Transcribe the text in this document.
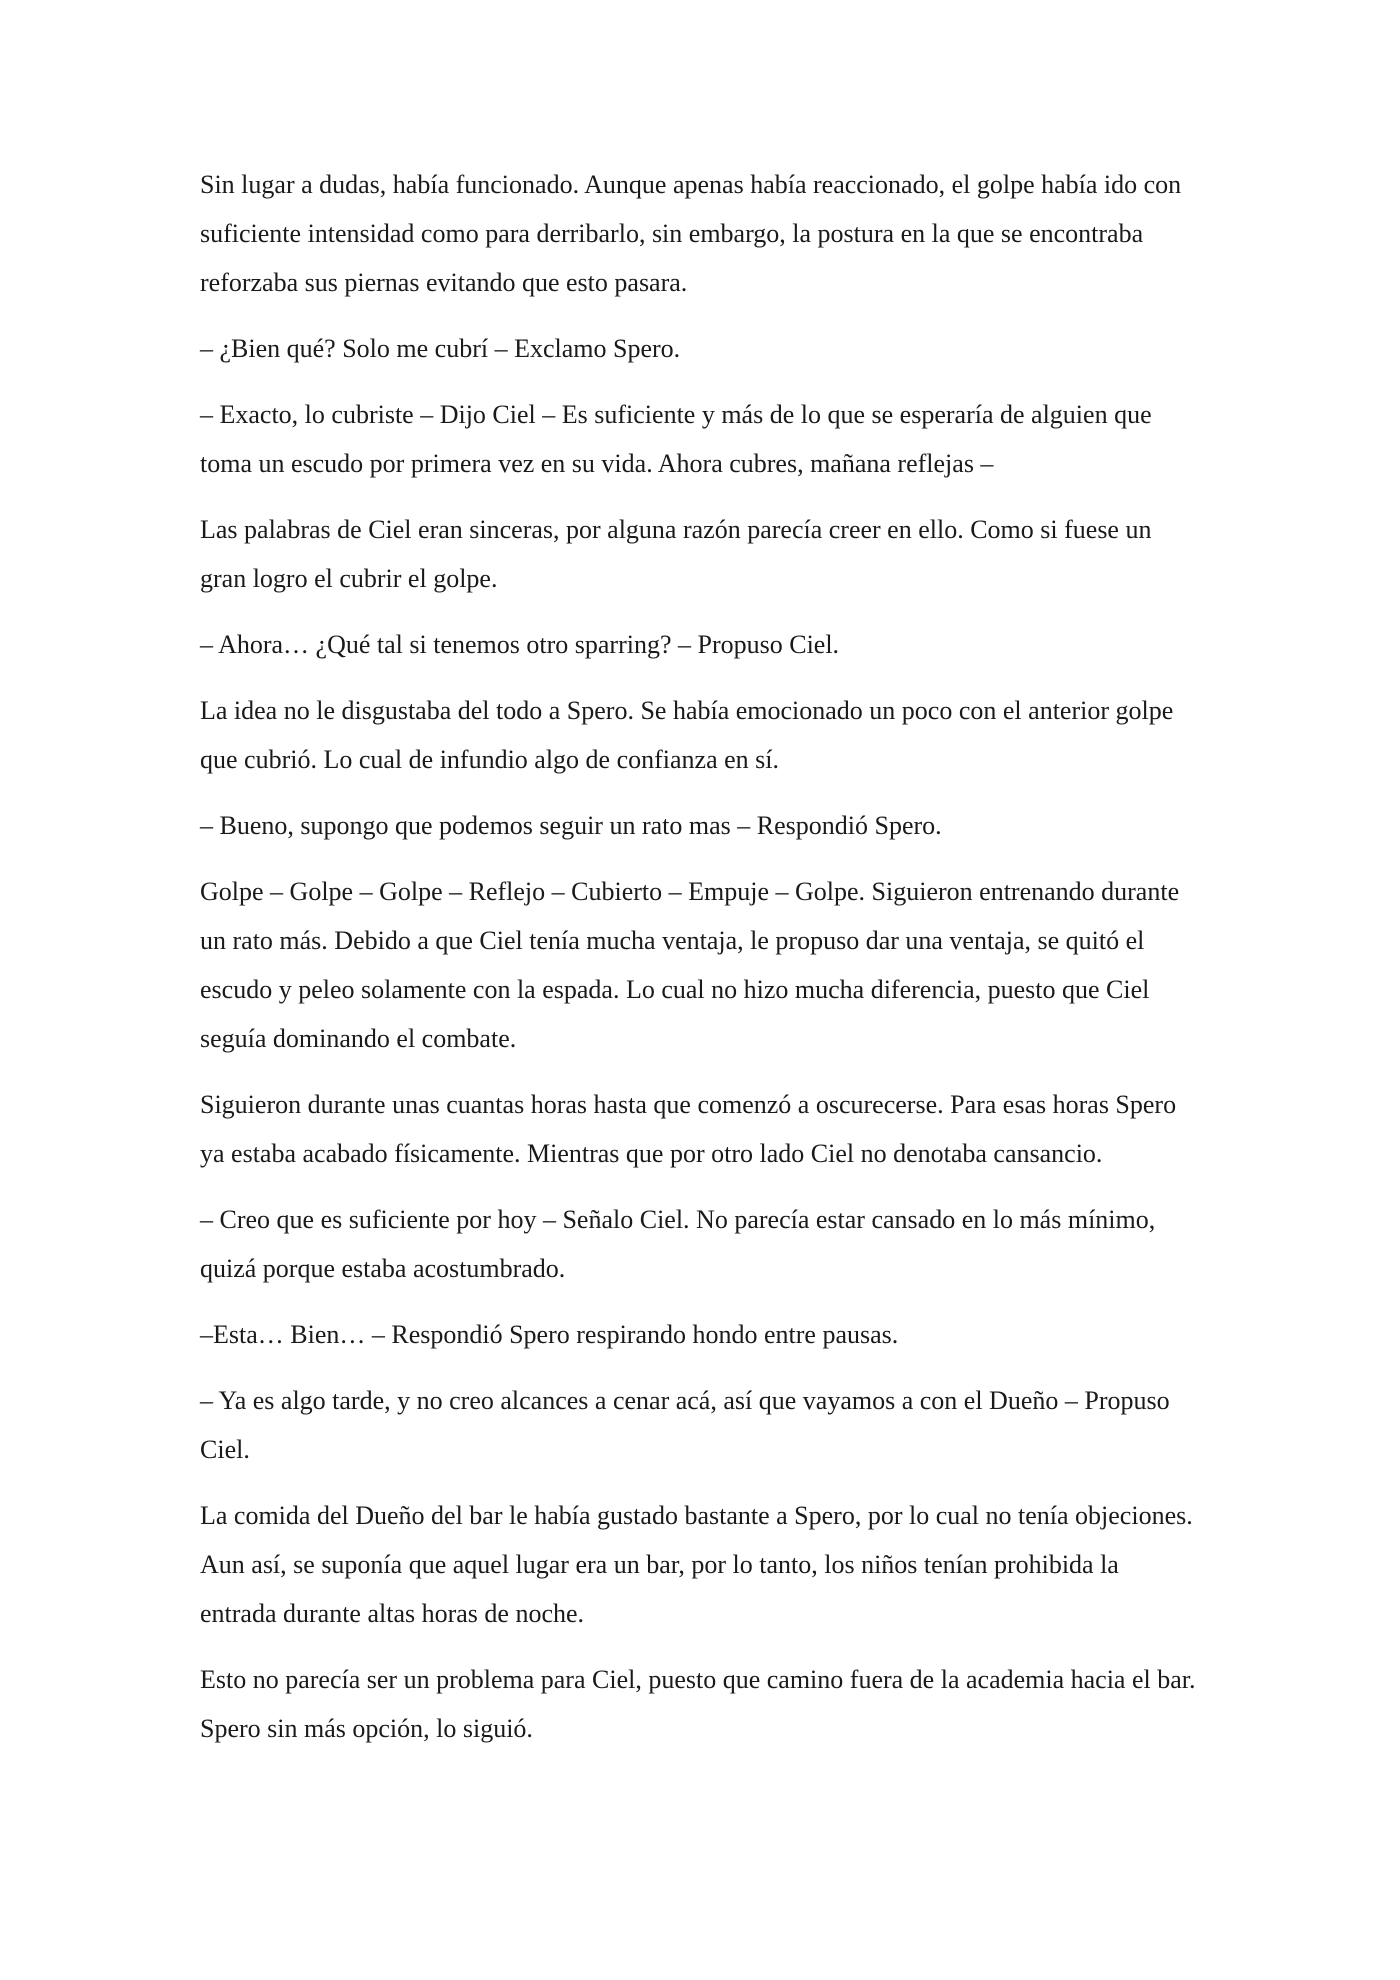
Sin lugar a dudas, había funcionado. Aunque apenas había reaccionado, el golpe había ido con suficiente intensidad como para derribarlo, sin embargo, la postura en la que se encontraba reforzaba sus piernas evitando que esto pasara.

– ¿Bien qué? Solo me cubrí – Exclamo Spero.

– Exacto, lo cubriste – Dijo Ciel – Es suficiente y más de lo que se esperaría de alguien que toma un escudo por primera vez en su vida. Ahora cubres, mañana reflejas –

Las palabras de Ciel eran sinceras, por alguna razón parecía creer en ello. Como si fuese un gran logro el cubrir el golpe.

– Ahora… ¿Qué tal si tenemos otro sparring? – Propuso Ciel.

La idea no le disgustaba del todo a Spero. Se había emocionado un poco con el anterior golpe que cubrió. Lo cual de infundio algo de confianza en sí.

– Bueno, supongo que podemos seguir un rato mas – Respondió Spero.

Golpe – Golpe – Golpe – Reflejo – Cubierto – Empuje – Golpe. Siguieron entrenando durante un rato más. Debido a que Ciel tenía mucha ventaja, le propuso dar una ventaja, se quitó el escudo y peleo solamente con la espada. Lo cual no hizo mucha diferencia, puesto que Ciel seguía dominando el combate.

Siguieron durante unas cuantas horas hasta que comenzó a oscurecerse. Para esas horas Spero ya estaba acabado físicamente. Mientras que por otro lado Ciel no denotaba cansancio.

– Creo que es suficiente por hoy – Señalo Ciel. No parecía estar cansado en lo más mínimo, quizá porque estaba acostumbrado.

–Esta… Bien… – Respondió Spero respirando hondo entre pausas.

– Ya es algo tarde, y no creo alcances a cenar acá, así que vayamos a con el Dueño – Propuso Ciel.

La comida del Dueño del bar le había gustado bastante a Spero, por lo cual no tenía objeciones. Aun así, se suponía que aquel lugar era un bar, por lo tanto, los niños tenían prohibida la entrada durante altas horas de noche.

Esto no parecía ser un problema para Ciel, puesto que camino fuera de la academia hacia el bar. Spero sin más opción, lo siguió.
